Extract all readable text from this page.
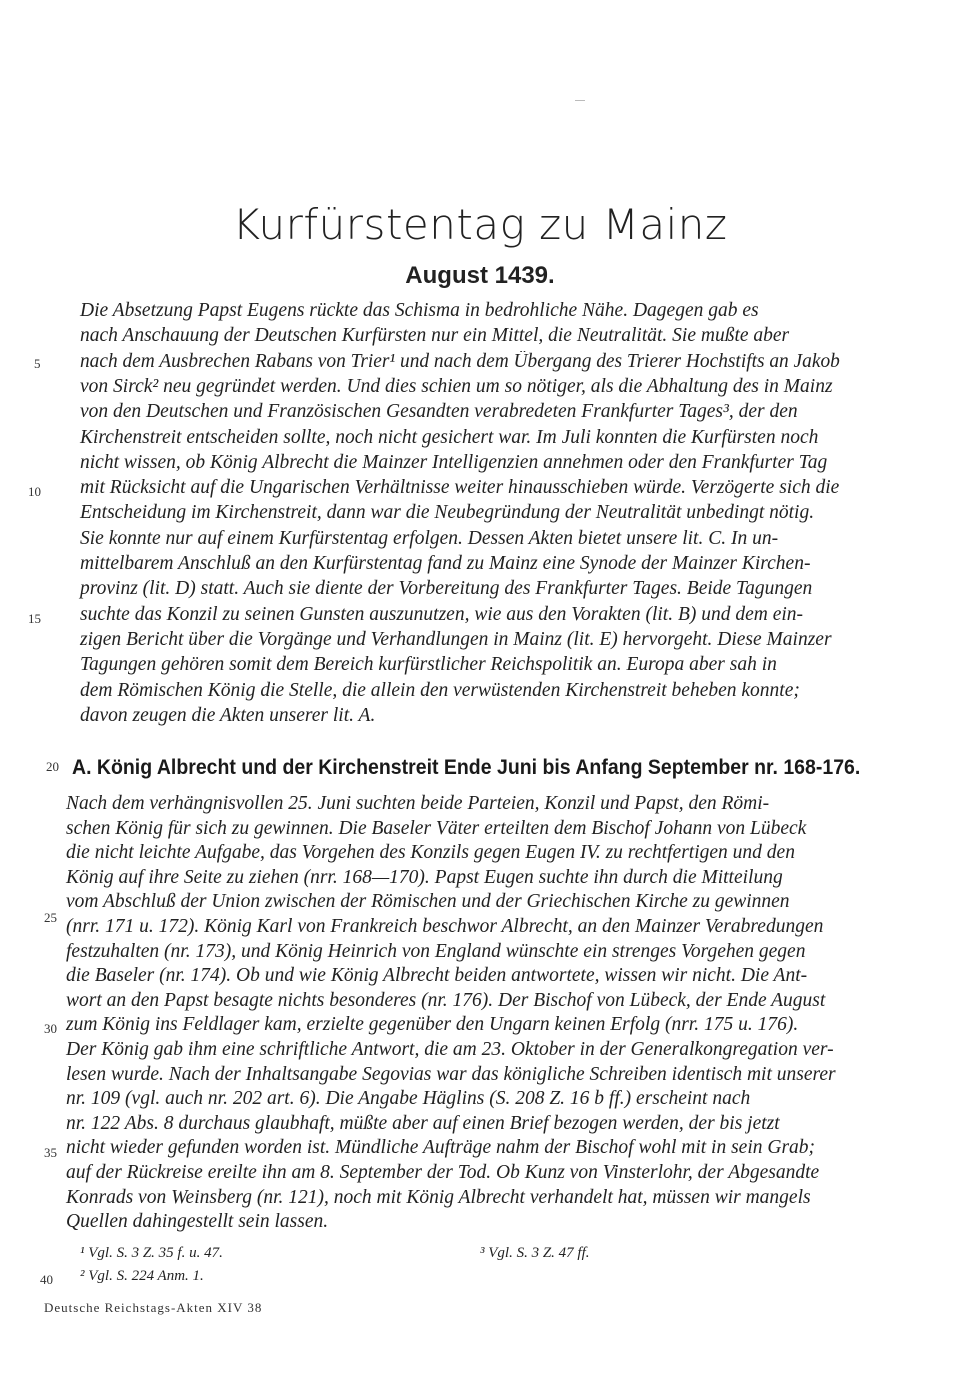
Kurfürstentag zu Mainz
August 1439.
Die Absetzung Papst Eugens rückte das Schisma in bedrohliche Nähe. Dagegen gab es
nach Anschauung der Deutschen Kurfürsten nur ein Mittel, die Neutralität. Sie mußte aber
nach dem Ausbrechen Rabans von Trier¹ und nach dem Übergang des Trierer Hochstifts an Jakob
von Sirck² neu gegründet werden. Und dies schien um so nötiger, als die Abhaltung des in Mainz
von den Deutschen und Französischen Gesandten verabredeten Frankfurter Tages³, der den
Kirchenstreit entscheiden sollte, noch nicht gesichert war. Im Juli konnten die Kurfürsten noch
nicht wissen, ob König Albrecht die Mainzer Intelligenzien annehmen oder den Frankfurter Tag
mit Rücksicht auf die Ungarischen Verhältnisse weiter hinausschieben würde. Verzögerte sich die
Entscheidung im Kirchenstreit, dann war die Neubegründung der Neutralität unbedingt nötig.
Sie konnte nur auf einem Kurfürstentag erfolgen. Dessen Akten bietet unsere lit. C. In un-
mittelbarem Anschluß an den Kurfürstentag fand zu Mainz eine Synode der Mainzer Kirchen-
provinz (lit. D) statt. Auch sie diente der Vorbereitung des Frankfurter Tages. Beide Tagungen
suchte das Konzil zu seinen Gunsten auszunutzen, wie aus den Vorakten (lit. B) und dem ein-
zigen Bericht über die Vorgänge und Verhandlungen in Mainz (lit. E) hervorgeht. Diese Mainzer
Tagungen gehören somit dem Bereich kurfürstlicher Reichspolitik an. Europa aber sah in
dem Römischen König die Stelle, die allein den verwüstenden Kirchenstreit beheben konnte;
davon zeugen die Akten unserer lit. A.
5
10
15
20 A. König Albrecht und der Kirchenstreit Ende Juni bis Anfang September nr. 168-176.
Nach dem verhängnisvollen 25. Juni suchten beide Parteien, Konzil und Papst, den Römi-
schen König für sich zu gewinnen. Die Baseler Väter erteilten dem Bischof Johann von Lübeck
die nicht leichte Aufgabe, das Vorgehen des Konzils gegen Eugen IV. zu rechtfertigen und den
König auf ihre Seite zu ziehen (nrr. 168—170). Papst Eugen suchte ihn durch die Mitteilung
vom Abschluß der Union zwischen der Römischen und der Griechischen Kirche zu gewinnen
(nrr. 171 u. 172). König Karl von Frankreich beschwor Albrecht, an den Mainzer Verabredungen
festzuhalten (nr. 173), und König Heinrich von England wünschte ein strenges Vorgehen gegen
die Baseler (nr. 174). Ob und wie König Albrecht beiden antwortete, wissen wir nicht. Die Ant-
wort an den Papst besagte nichts besonderes (nr. 176). Der Bischof von Lübeck, der Ende August
zum König ins Feldlager kam, erzielte gegenüber den Ungarn keinen Erfolg (nrr. 175 u. 176).
Der König gab ihm eine schriftliche Antwort, die am 23. Oktober in der Generalkongregation ver-
lesen wurde. Nach der Inhaltsangabe Segovias war das königliche Schreiben identisch mit unserer
nr. 109 (vgl. auch nr. 202 art. 6). Die Angabe Häglins (S. 208 Z. 16 b ff.) erscheint nach
nr. 122 Abs. 8 durchaus glaubhaft, müßte aber auf einen Brief bezogen werden, der bis jetzt
nicht wieder gefunden worden ist. Mündliche Aufträge nahm der Bischof wohl mit in sein Grab;
auf der Rückreise ereilte ihn am 8. September der Tod. Ob Kunz von Vinsterlohr, der Abgesandte
Konrads von Weinsberg (nr. 121), noch mit König Albrecht verhandelt hat, müssen wir mangels
Quellen dahingestellt sein lassen.
25
30
35
¹ Vgl. S. 3 Z. 35 f. u. 47.
² Vgl. S. 224 Anm. 1.
³ Vgl. S. 3 Z. 47 ff.
40
Deutsche Reichstags-Akten XIV 38
